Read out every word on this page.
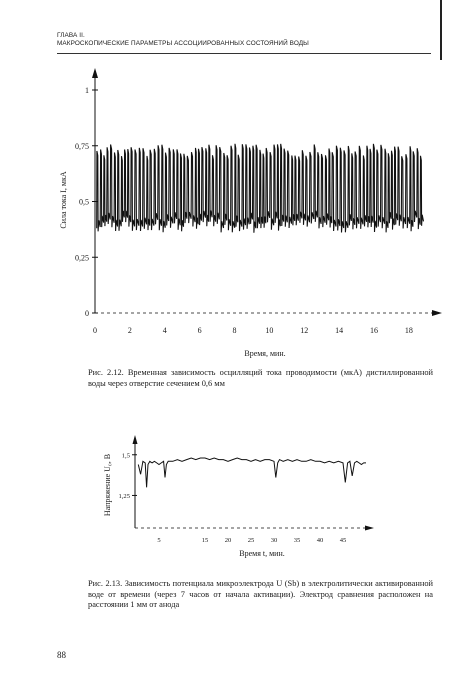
ГЛАВА II.
МАКРОСКОПИЧЕСКИЕ ПАРАМЕТРЫ АССОЦИИРОВАННЫХ СОСТОЯНИЙ ВОДЫ
0
0,25
0,5
0,75
1
0	2	4	6	8	10	12	14	16	18
Время, мин.
Сила тока I, мкА
Рис. 2.12. Временная зависимость осцилляций тока проводимости (мкА) дистиллированной воды через отверстие сечением 0,6 мм
1,25
1,5
5	15 20 25 30 35 40 45
Время t, мин.
Напряжение U₀, В
Рис. 2.13. Зависимость потенциала микроэлектрода U (Sb) в электролитически активированной воде от времени (через 7 часов от начала активации). Электрод сравнения расположен на расстоянии 1 мм от анода
88
